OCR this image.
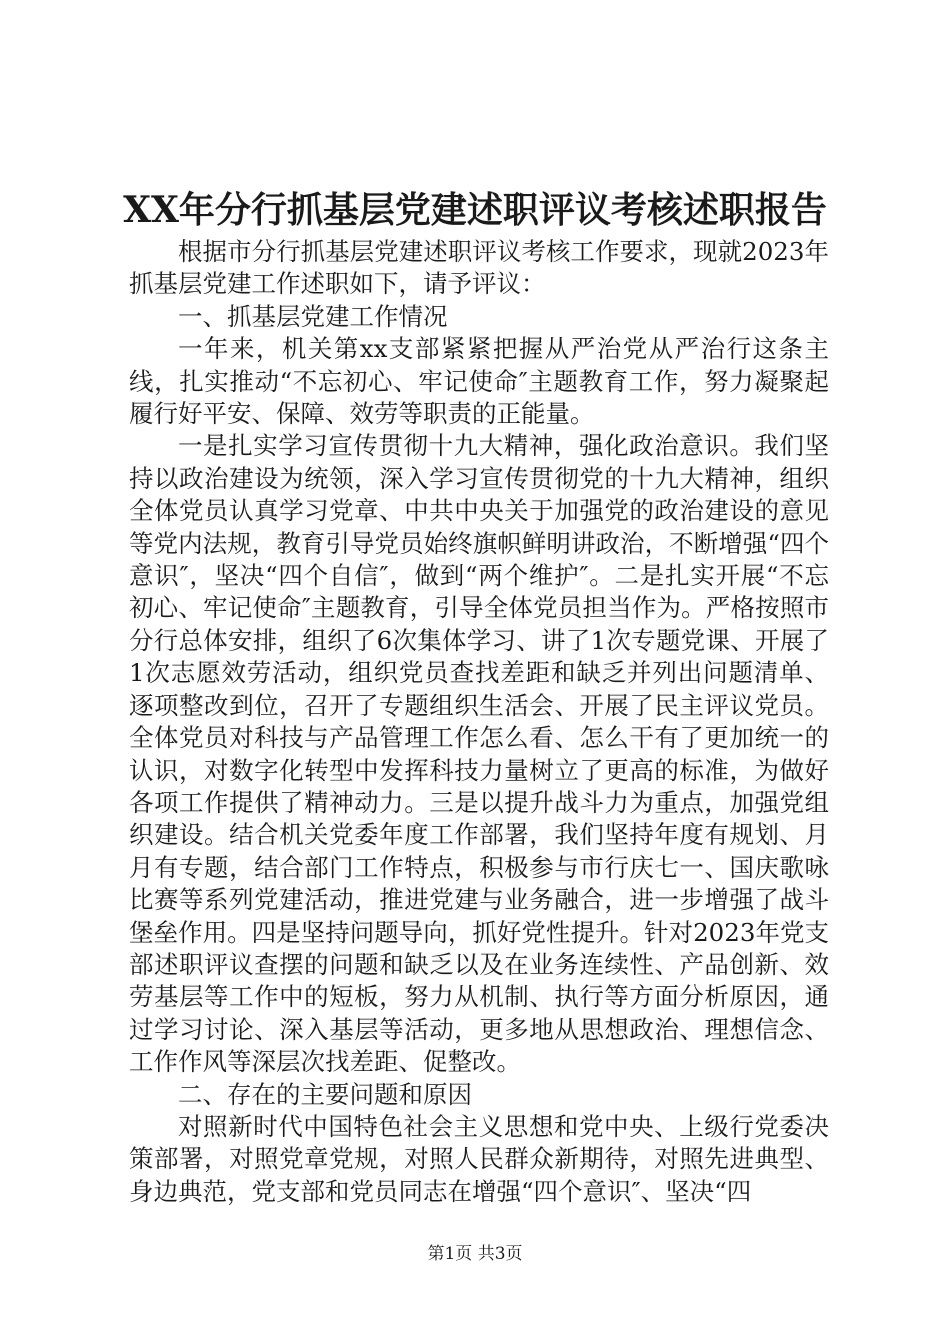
XX年分行抓基层党建述职评议考核述职报告

根据市分行抓基层党建述职评议考核工作要求，现就2023年抓基层党建工作述职如下，请予评议：

一、抓基层党建工作情况

一年来，机关第xx支部紧紧把握从严治党从严治行这条主线，扎实推动“不忘初心、牢记使命″主题教育工作，努力凝聚起履行好平安、保障、效劳等职责的正能量。

一是扎实学习宣传贯彻十九大精神，强化政治意识。我们坚持以政治建设为统领，深入学习宣传贯彻党的十九大精神，组织全体党员认真学习党章、中共中央关于加强党的政治建设的意见等党内法规，教育引导党员始终旗帜鲜明讲政治，不断增强“四个意识″，坚决“四个自信″，做到“两个维护″。二是扎实开展“不忘初心、牢记使命″主题教育，引导全体党员担当作为。严格按照市分行总体安排，组织了6次集体学习、讲了1次专题党课、开展了1次志愿效劳活动，组织党员查找差距和缺乏并列出问题清单、逐项整改到位，召开了专题组织生活会、开展了民主评议党员。全体党员对科技与产品管理工作怎么看、怎么干有了更加统一的认识，对数字化转型中发挥科技力量树立了更高的标准，为做好各项工作提供了精神动力。三是以提升战斗力为重点，加强党组织建设。结合机关党委年度工作部署，我们坚持年度有规划、月月有专题，结合部门工作特点，积极参与市行庆七一、国庆歌咏比赛等系列党建活动，推进党建与业务融合，进一步增强了战斗堡垒作用。四是坚持问题导向，抓好党性提升。针对2023年党支部述职评议查摆的问题和缺乏以及在业务连续性、产品创新、效劳基层等工作中的短板，努力从机制、执行等方面分析原因，通过学习讨论、深入基层等活动，更多地从思想政治、理想信念、工作作风等深层次找差距、促整改。

二、存在的主要问题和原因

对照新时代中国特色社会主义思想和党中央、上级行党委决策部署，对照党章党规，对照人民群众新期待，对照先进典型、身边典范，党支部和党员同志在增强“四个意识″、坚决“四

第1页 共3页
